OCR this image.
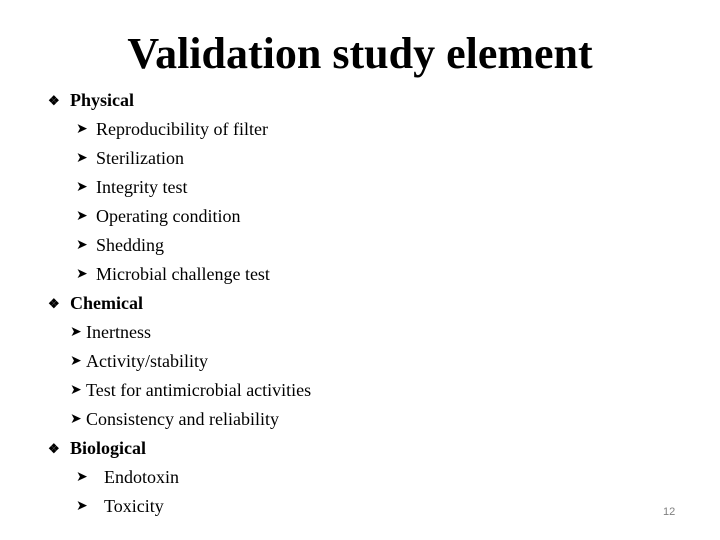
Validation study element
❖ Physical
➤ Reproducibility of filter
➤ Sterilization
➤ Integrity test
➤ Operating condition
➤ Shedding
➤ Microbial challenge test
❖ Chemical
➤ Inertness
➤ Activity/stability
➤ Test for antimicrobial activities
➤ Consistency and reliability
❖ Biological
➤ Endotoxin
➤ Toxicity	12
